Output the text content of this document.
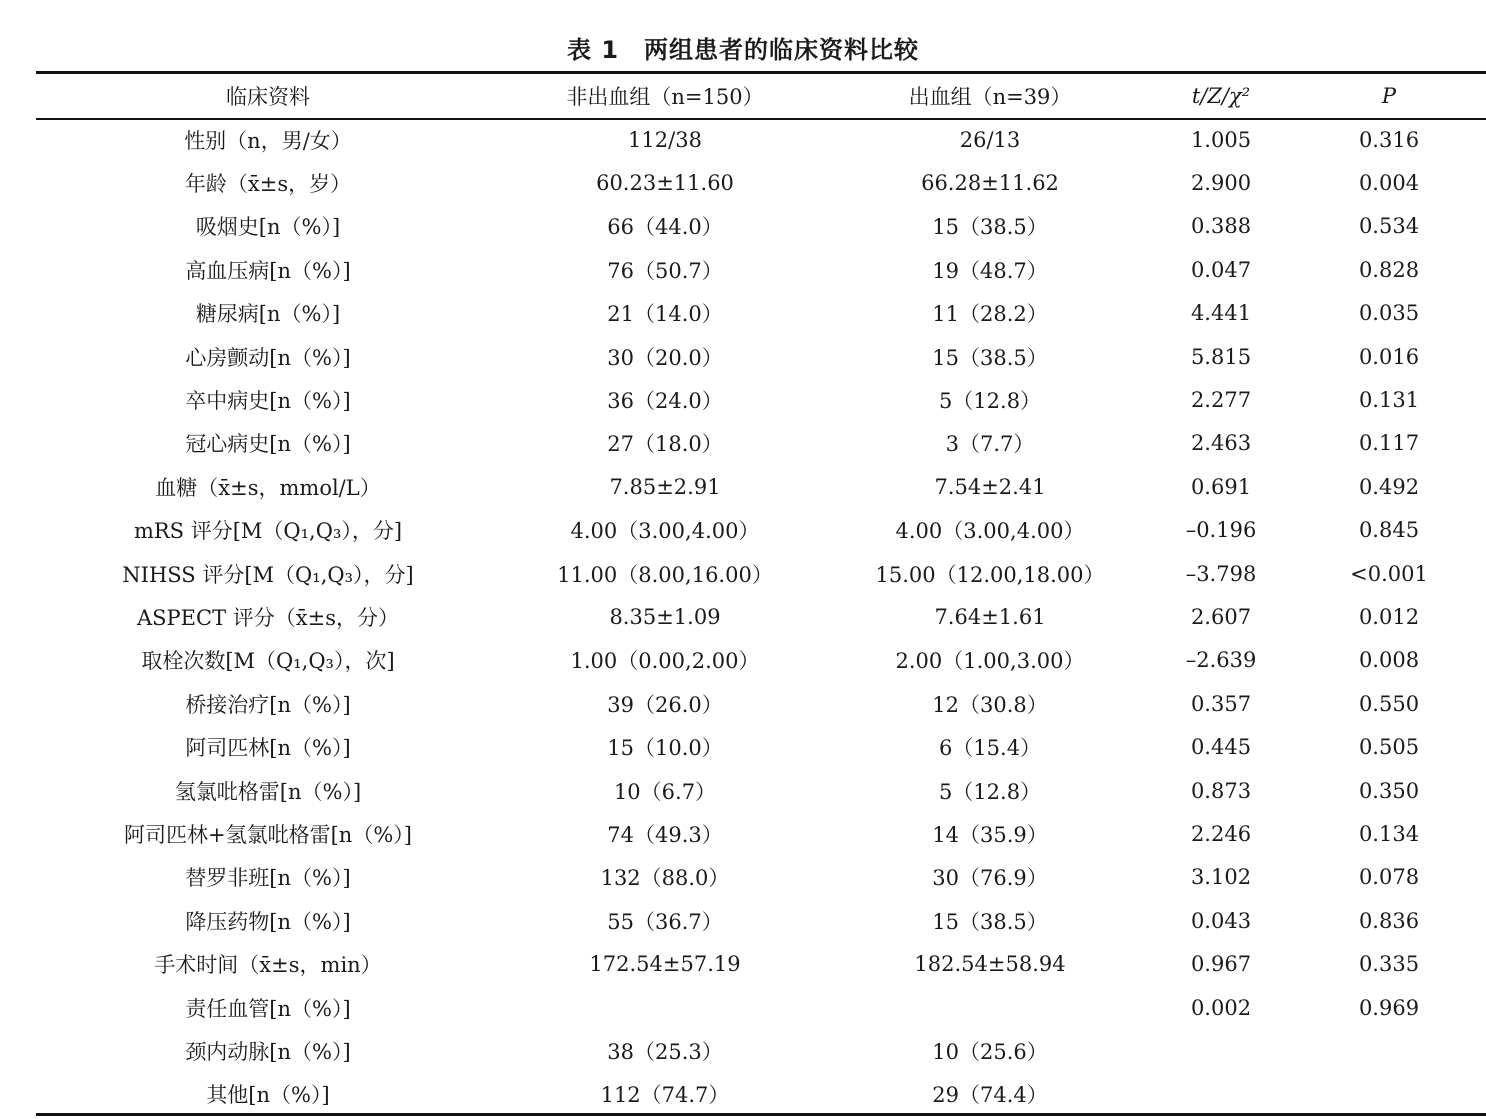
表 1　两组患者的临床资料比较
临床资料	非出血组（n=150）	出血组（n=39）	t/Z/χ²	P
性别（n，男/女）	112/38	26/13	1.005	0.316
年龄（x̄±s，岁）	60.23±11.60	66.28±11.62	2.900	0.004
吸烟史[n（%）]	66（44.0）	15（38.5）	0.388	0.534
高血压病[n（%）]	76（50.7）	19（48.7）	0.047	0.828
糖尿病[n（%）]	21（14.0）	11（28.2）	4.441	0.035
心房颤动[n（%）]	30（20.0）	15（38.5）	5.815	0.016
卒中病史[n（%）]	36（24.0）	5（12.8）	2.277	0.131
冠心病史[n（%）]	27（18.0）	3（7.7）	2.463	0.117
血糖（x̄±s，mmol/L）	7.85±2.91	7.54±2.41	0.691	0.492
mRS 评分[M（Q₁,Q₃），分]	4.00（3.00,4.00）	4.00（3.00,4.00）	–0.196	0.845
NIHSS 评分[M（Q₁,Q₃），分]	11.00（8.00,16.00）	15.00（12.00,18.00）	–3.798	<0.001
ASPECT 评分（x̄±s，分）	8.35±1.09	7.64±1.61	2.607	0.012
取栓次数[M（Q₁,Q₃），次]	1.00（0.00,2.00）	2.00（1.00,3.00）	–2.639	0.008
桥接治疗[n（%）]	39（26.0）	12（30.8）	0.357	0.550
阿司匹林[n（%）]	15（10.0）	6（15.4）	0.445	0.505
氢氯吡格雷[n（%）]	10（6.7）	5（12.8）	0.873	0.350
阿司匹林+氢氯吡格雷[n（%）]	74（49.3）	14（35.9）	2.246	0.134
替罗非班[n（%）]	132（88.0）	30（76.9）	3.102	0.078
降压药物[n（%）]	55（36.7）	15（38.5）	0.043	0.836
手术时间（x̄±s，min）	172.54±57.19	182.54±58.94	0.967	0.335
责任血管[n（%）]			0.002	0.969
颈内动脉[n（%）]	38（25.3）	10（25.6）		
其他[n（%）]	112（74.7）	29（74.4）		
